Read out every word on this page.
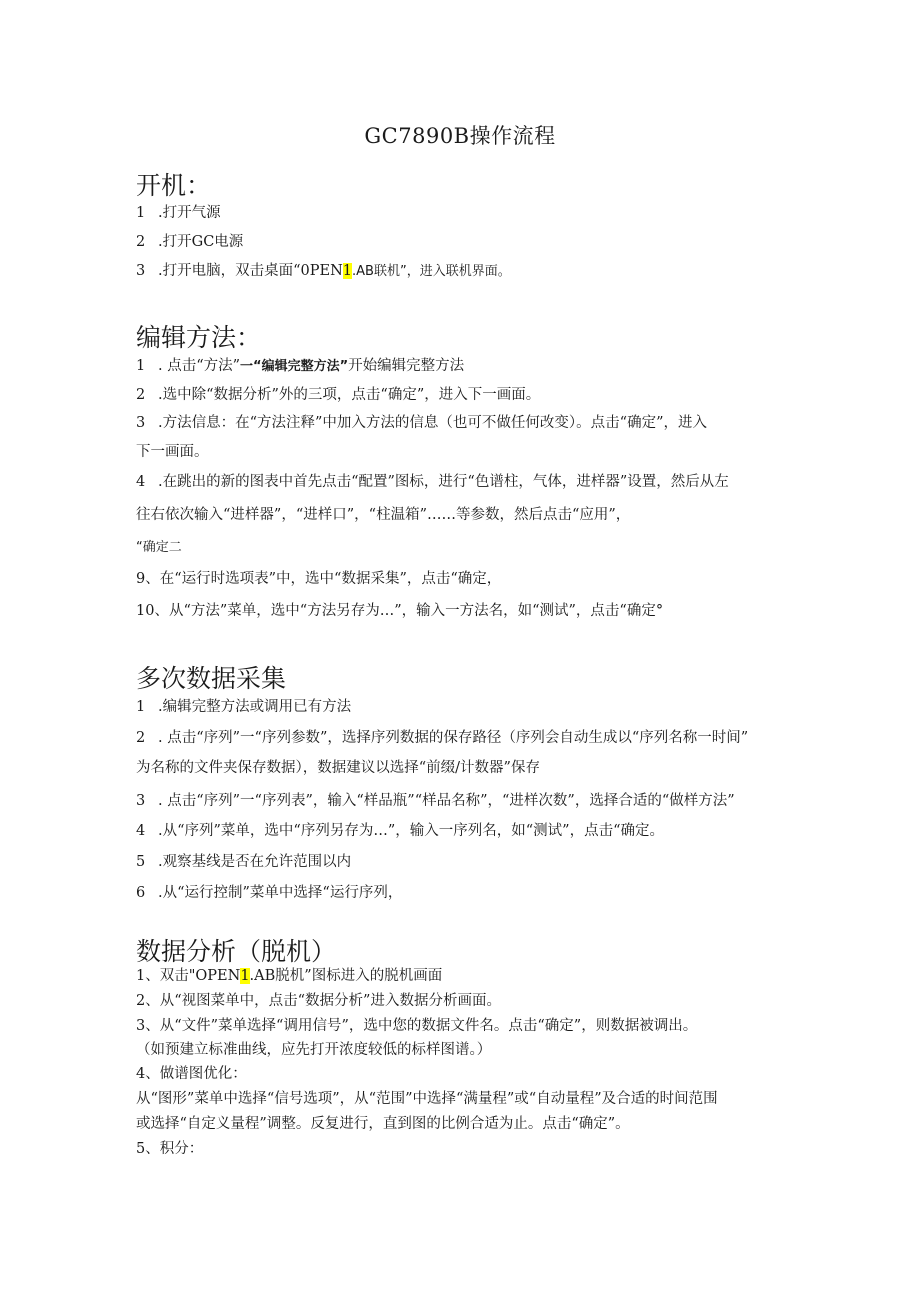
GC7890B操作流程
开机：
1 .打开气源
2 .打开GC电源
3 .打开电脑，双击桌面“0PEN1.AB联机”，进入联机界面。
编辑方法：
1 . 点击“方法”一“编辑完整方法”开始编辑完整方法
2 .选中除“数据分析”外的三项，点击“确定”，进入下一画面。
3 .方法信息：在“方法注释”中加入方法的信息（也可不做任何改变）。点击“确定”，进入
下一画面。
4 .在跳出的新的图表中首先点击“配置”图标，进行“色谱柱，气体，进样器”设置，然后从左
往右依次输入“进样器”，“进样口”，“柱温箱”……等参数，然后点击“应用”，
“确定二
9、在“运行时选项表”中，选中“数据采集”，点击“确定，
10、从“方法”菜单，选中“方法另存为…”，输入一方法名，如“测试”，点击“确定°
多次数据采集
1 .编辑完整方法或调用已有方法
2 . 点击“序列”一“序列参数”，选择序列数据的保存路径（序列会自动生成以“序列名称一时间”
为名称的文件夹保存数据），数据建议以选择“前缀/计数器”保存
3 . 点击“序列”一“序列表”，输入“样品瓶”“样品名称”，“进样次数”，选择合适的“做样方法”
4 .从“序列”菜单，选中“序列另存为…”，输入一序列名，如“测试”，点击“确定。
5 .观察基线是否在允许范围以内
6 .从“运行控制”菜单中选择“运行序列，
数据分析（脱机）
1、双击"OPEN1.AB脱机”图标进入的脱机画面
2、从“视图菜单中，点击“数据分析”进入数据分析画面。
3、从“文件”菜单选择“调用信号”，选中您的数据文件名。点击“确定”，则数据被调出。
（如预建立标准曲线，应先打开浓度较低的标样图谱。）
4、做谱图优化：
从“图形”菜单中选择“信号选项”，从“范围”中选择“满量程”或“自动量程”及合适的时间范围
或选择“自定义量程”调整。反复进行，直到图的比例合适为止。点击“确定”。
5、积分：
